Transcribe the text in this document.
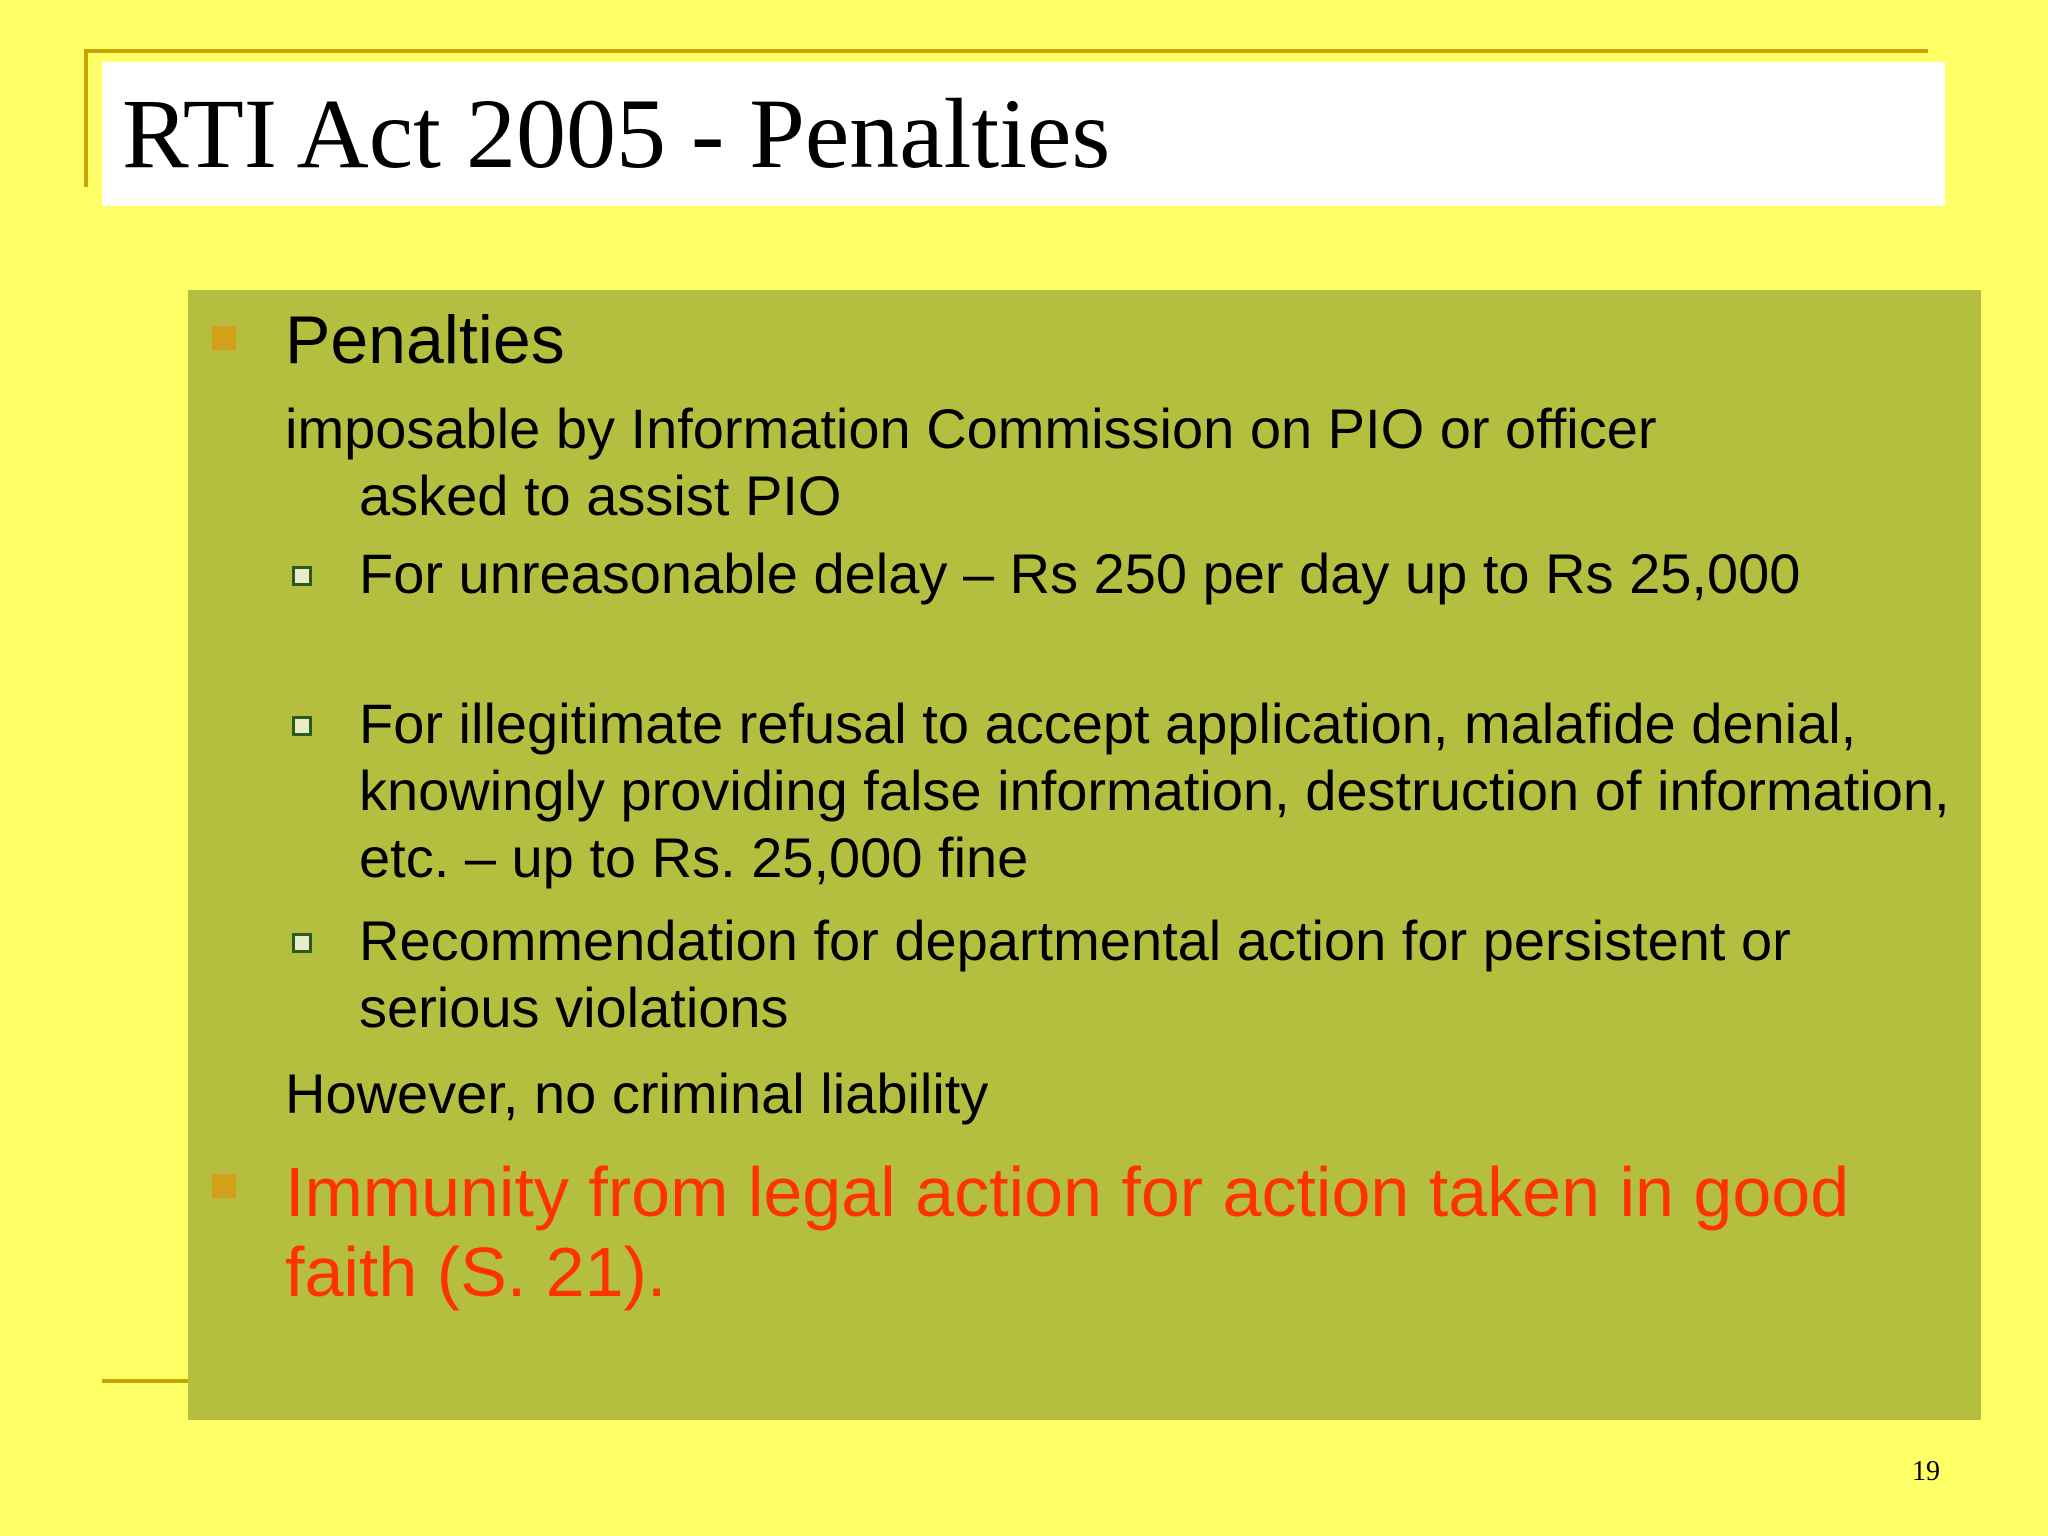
RTI Act 2005 - Penalties
Penalties
imposable by Information Commission on PIO or officer
asked to assist PIO
For unreasonable delay – Rs 250 per day up to Rs 25,000
For illegitimate refusal to accept application, malafide denial, knowingly providing false information, destruction of information, etc. – up to Rs. 25,000 fine
Recommendation for departmental action for persistent or serious violations
However, no criminal liability
Immunity from legal action for action taken in good faith (S. 21).
19
